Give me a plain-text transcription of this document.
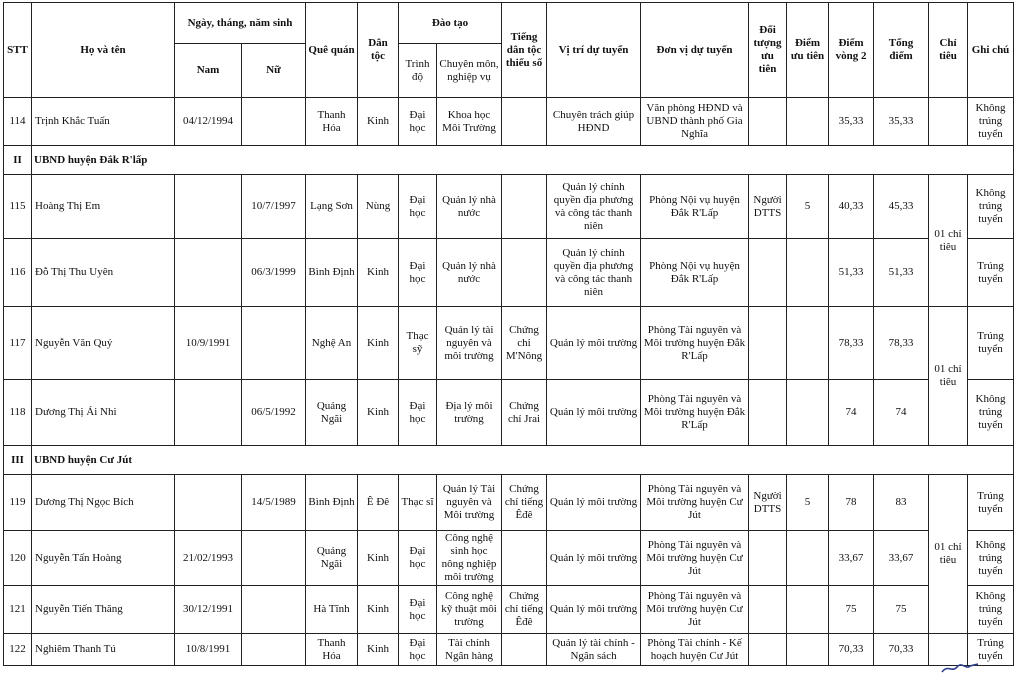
STT	Họ và tên	Ngày, tháng, năm sinh		Quê quán	Dân tộc	Đào tạo		Tiếng dân tộc thiểu số	Vị trí dự tuyển	Đơn vị dự tuyển	Đối tượng ưu tiên	Điểm ưu tiên	Điểm vòng 2	Tổng điểm	Chỉ tiêu	Ghi chú
		Nam	Nữ			Trình độ	Chuyên môn, nghiệp vụ									
114	Trịnh Khắc Tuấn	04/12/1994		Thanh Hóa	Kinh	Đại học	Khoa học Môi Trường		Chuyên trách giúp HĐND	Văn phòng HĐND và UBND thành phố Gia Nghĩa			35,33	35,33		Không trúng tuyển
II	UBND huyện Đắk R'lấp															
115	Hoàng Thị Em		10/7/1997	Lạng Sơn	Nùng	Đại học	Quản lý nhà nước		Quản lý chính quyền địa phương và công tác thanh niên	Phòng Nội vụ huyện Đắk R'Lấp	Người DTTS	5	40,33	45,33	01 chỉ tiêu	Không trúng tuyển
116	Đỗ Thị Thu Uyên		06/3/1999	Bình Định	Kinh	Đại học	Quản lý nhà nước		Quản lý chính quyền địa phương và công tác thanh niên	Phòng Nội vụ huyện Đắk R'Lấp			51,33	51,33		Trúng tuyển
117	Nguyễn Văn Quý	10/9/1991		Nghệ An	Kinh	Thạc sỹ	Quản lý tài nguyên và môi trường	Chứng chỉ M'Nông	Quản lý môi trường	Phòng Tài nguyên và Môi trường huyện Đắk R'Lấp			78,33	78,33	01 chỉ tiêu	Trúng tuyển
118	Dương Thị Ái Nhi		06/5/1992	Quảng Ngãi	Kinh	Đại học	Địa lý môi trường	Chứng chỉ Jrai	Quản lý môi trường	Phòng Tài nguyên và Môi trường huyện Đắk R'Lấp			74	74		Không trúng tuyển
III	UBND huyện Cư Jút															
119	Dương Thị Ngọc Bích		14/5/1989	Bình Định	Ê Đê	Thạc sĩ	Quản lý Tài nguyên và Môi trường	Chứng chỉ tiếng Êđê	Quản lý môi trường	Phòng Tài nguyên và Môi trường huyện Cư Jút	Người DTTS	5	78	83	01 chỉ tiêu	Trúng tuyển
120	Nguyễn Tấn Hoàng	21/02/1993		Quảng Ngãi	Kinh	Đại học	Công nghệ sinh học nông nghiệp môi trường		Quản lý môi trường	Phòng Tài nguyên và Môi trường huyện Cư Jút			33,67	33,67		Không trúng tuyển
121	Nguyễn Tiến Thăng	30/12/1991		Hà Tĩnh	Kinh	Đại học	Công nghệ kỹ thuật môi trường	Chứng chỉ tiếng Êđê	Quản lý môi trường	Phòng Tài nguyên và Môi trường huyện Cư Jút			75	75		Không trúng tuyển
122	Nghiêm Thanh Tú	10/8/1991		Thanh Hóa	Kinh	Đại học	Tài chính Ngân hàng		Quản lý tài chính - Ngân sách	Phòng Tài chính - Kế hoạch huyện Cư Jút			70,33	70,33		Trúng tuyển
